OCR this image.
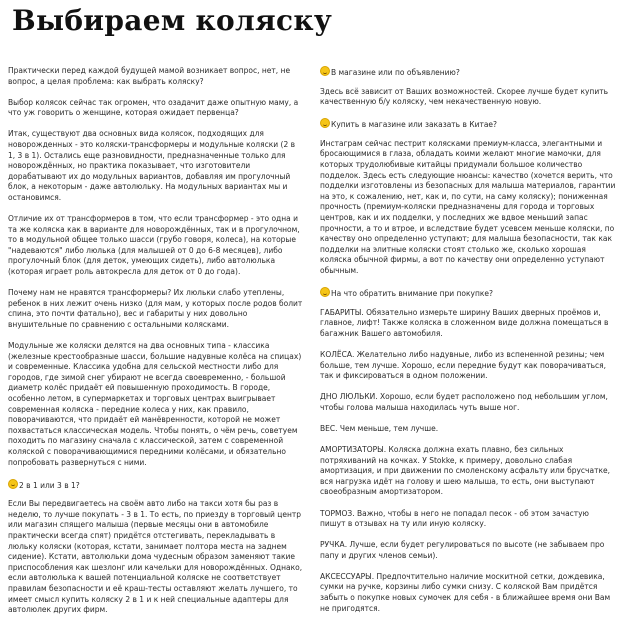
Выбираем коляску

Практически перед каждой будущей мамой возникает вопрос, нет, не вопрос, а целая проблема: как выбрать коляску?

Выбор колясок сейчас так огромен, что озадачит даже опытную маму, а что уж говорить о женщине, которая ожидает первенца?

Итак, существуют два основных вида колясок, подходящих для новорожденных - это коляски-трансформеры и модульные коляски (2 в 1, 3 в 1). Остались еще разновидности, предназначенные только для новорождённых, но практика показывает, что изготовители дорабатывают их до модульных вариантов, добавляя им прогулочный блок, а некоторым - даже автолюльку. На модульных вариантах мы и остановимся.

Отличие их от трансформеров в том, что если трансформер - это одна и та же коляска как в варианте для новорождённых, так и в прогулочном, то в модульной общее только шасси (грубо говоря, колеса), на которые "надеваются" либо люлька (для малышей от 0 до 6-8 месяцев), либо прогулочный блок (для деток, умеющих сидеть), либо автолюлька (которая играет роль автокресла для деток от 0 до года).

Почему нам не нравятся трансформеры? Их люльки слабо утеплены, ребенок в них лежит очень низко (для мам, у которых после родов болит спина, это почти фатально), вес и габариты у них довольно внушительные по сравнению с остальными колясками.

Модульные же коляски делятся на два основных типа - классика (железные крестообразные шасси, большие надувные колёса на спицах) и современные. Классика удобна для сельской местности либо для городов, где зимой снег убирают не всегда своевременно, - большой диаметр колёс придаёт ей повышенную проходимость. В городе, особенно летом, в супермаркетах и торговых центрах выигрывает современная коляска - передние колеса у них, как правило, поворачиваются, что придаёт ей манёвренности, которой не может похвастаться классическая модель. Чтобы понять, о чём речь, советуем походить по магазину сначала с классической, затем с современной коляской с поворачивающимися передними колёсами, и обязательно попробовать развернуться с ними.

2 в 1 или 3 в 1?

Если Вы передвигаетесь на своём авто либо на такси хотя бы раз в неделю, то лучше покупать - 3 в 1. То есть, по приезду в торговый центр или магазин спящего малыша (первые месяцы они в автомобиле практически всегда спят) придётся отстегивать, перекладывать в люльку коляски (которая, кстати, занимает полтора места на заднем сидение). Кстати, автолюльки дома чудесным образом заменяют такие приспособления как шезлонг или качельки для новорождённых. Однако, если автолюлька к вашей потенциальной коляске не соответствует правилам безопасности и её краш-тесты оставляют желать лучшего, то имеет смысл купить коляску 2 в 1 и к ней специальные адаптеры для автолюлек других фирм.

В магазине или по объявлению?

Здесь всё зависит от Ваших возможностей. Скорее лучше будет купить качественную б/у коляску, чем некачественную новую.

Купить в магазине или заказать в Китае?

Инстаграм сейчас пестрит колясками премиум-класса, элегантными и бросающимися в глаза, обладать коими желают многие мамочки, для которых трудолюбивые китайцы придумали большое количество подделок. Здесь есть следующие нюансы: качество (хочется верить, что подделки изготовлены из безопасных для малыша материалов, гарантии на это, к сожалению, нет, как и, по сути, на саму коляску); пониженная прочность (премиум-коляски предназначены для города и торговых центров, как и их подделки, у последних же вдвое меньший запас прочности, а то и втрое, и вследствие будет усевсем меньше коляски, по качеству оно определенно уступают; для малыша безопасности, так как подделки на элитные коляски стоят столько же, сколько хорошая коляска обычной фирмы, а вот по качеству они определенно уступают обычным.

На что обратить внимание при покупке?

ГАБАРИТЫ. Обязательно измерьте ширину Ваших дверных проёмов и, главное, лифт! Также коляска в сложенном виде должна помещаться в багажник Вашего автомобиля.

КОЛЁСА. Желательно либо надувные, либо из вспененной резины; чем больше, тем лучше. Хорошо, если передние будут как поворачиваться, так и фиксироваться в одном положении.

ДНО ЛЮЛЬКИ. Хорошо, если будет расположено под небольшим углом, чтобы голова малыша находилась чуть выше ног.

ВЕС. Чем меньше, тем лучше.

АМОРТИЗАТОРЫ. Коляска должна ехать плавно, без сильных потряхиваний на кочках. У Stokke, к примеру, довольно слабая амортизация, и при движении по смоленскому асфальту или брусчатке, вся нагрузка идёт на голову и шею малыша, то есть, они выступают своеобразным амортизатором.

ТОРМОЗ. Важно, чтобы в него не попадал песок - об этом зачастую пишут в отзывах на ту или иную коляску.

РУЧКА. Лучше, если будет регулироваться по высоте (не забываем про папу и других членов семьи).

АКСЕССУАРЫ. Предпочтительно наличие москитной сетки, дождевика, сумки на ручке, корзины либо сумки снизу. С коляской Вам придётся забыть о покупке новых сумочек для себя - в ближайшее время они Вам не пригодятся.
